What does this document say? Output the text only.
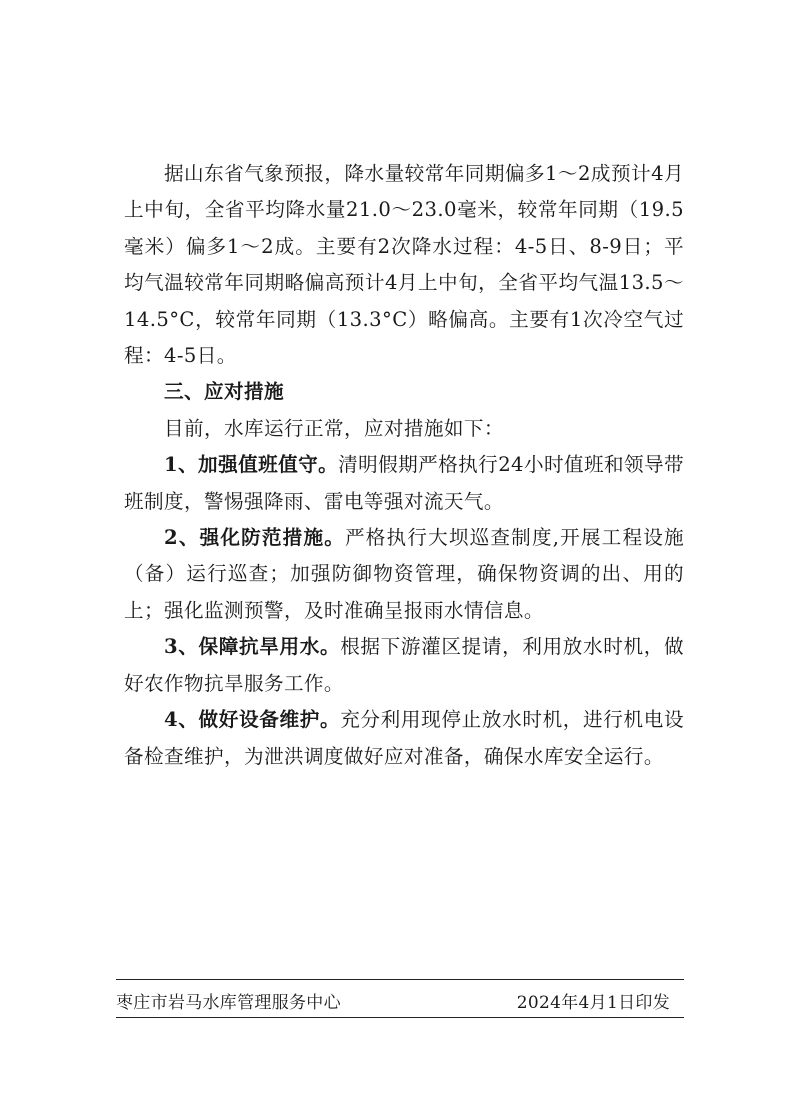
据山东省气象预报，降水量较常年同期偏多1～2成预计4月上中旬，全省平均降水量21.0～23.0毫米，较常年同期（19.5毫米）偏多1～2成。主要有2次降水过程：4-5日、8-9日；平均气温较常年同期略偏高预计4月上中旬，全省平均气温13.5～14.5°C，较常年同期（13.3°C）略偏高。主要有1次冷空气过程：4-5日。

三、应对措施

目前，水库运行正常，应对措施如下：

1、加强值班值守。清明假期严格执行24小时值班和领导带班制度，警惕强降雨、雷电等强对流天气。

2、强化防范措施。严格执行大坝巡查制度,开展工程设施（备）运行巡查；加强防御物资管理，确保物资调的出、用的上；强化监测预警，及时准确呈报雨水情信息。

3、保障抗旱用水。根据下游灌区提请，利用放水时机，做好农作物抗旱服务工作。

4、做好设备维护。充分利用现停止放水时机，进行机电设备检查维护，为泄洪调度做好应对准备，确保水库安全运行。

枣庄市岩马水库管理服务中心	2024年4月1日印发
